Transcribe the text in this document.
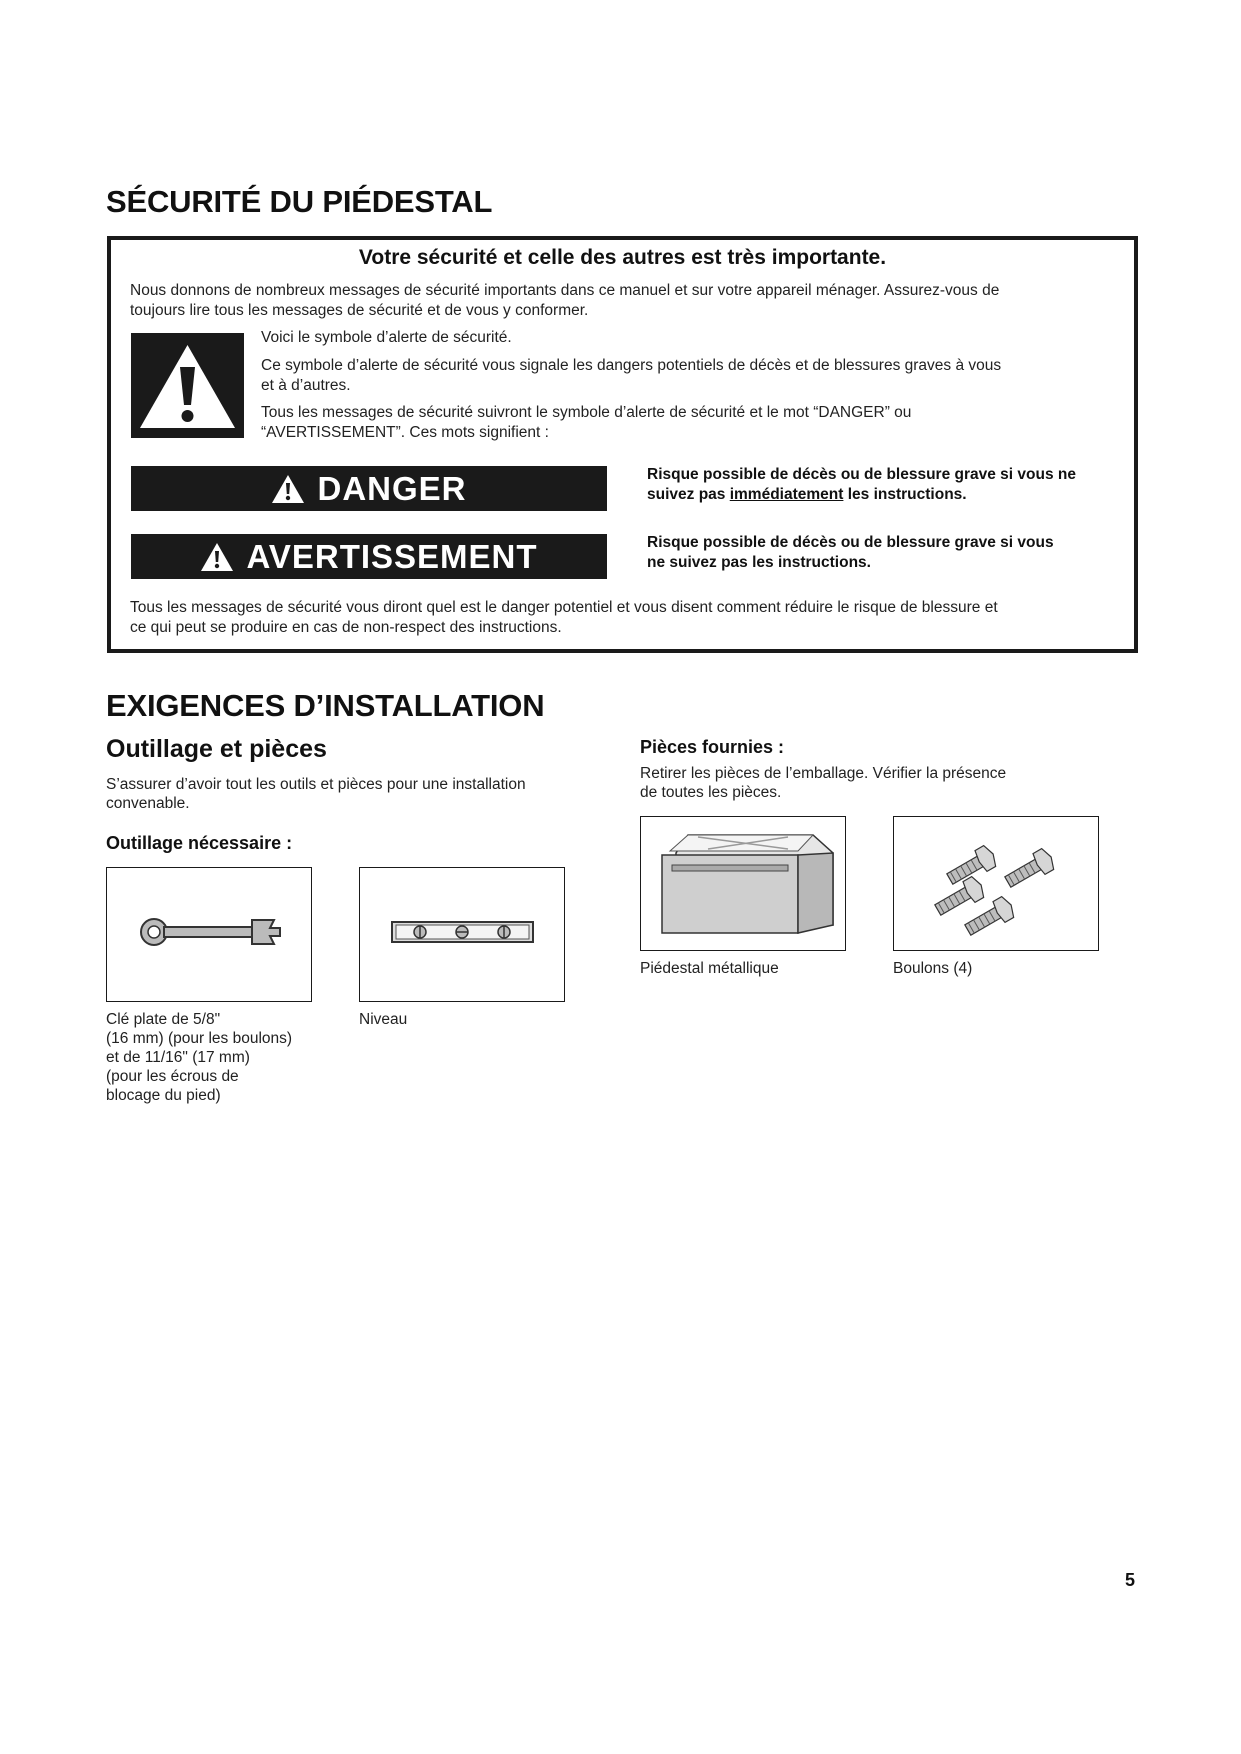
SÉCURITÉ DU PIÉDESTAL
Votre sécurité et celle des autres est très importante.
Nous donnons de nombreux messages de sécurité importants dans ce manuel et sur votre appareil ménager. Assurez-vous de
toujours lire tous les messages de sécurité et de vous y conformer.
Voici le symbole d’alerte de sécurité.
Ce symbole d’alerte de sécurité vous signale les dangers potentiels de décès et de blessures graves à vous
et à d’autres.
Tous les messages de sécurité suivront le symbole d’alerte de sécurité et le mot “DANGER” ou
“AVERTISSEMENT”. Ces mots signifient :
DANGER	Risque possible de décès ou de blessure grave si vous ne
suivez pas immédiatement les instructions.
AVERTISSEMENT	Risque possible de décès ou de blessure grave si vous
ne suivez pas les instructions.
Tous les messages de sécurité vous diront quel est le danger potentiel et vous disent comment réduire le risque de blessure et
ce qui peut se produire en cas de non-respect des instructions.
EXIGENCES D’INSTALLATION
Outillage et pièces
S’assurer d’avoir tout les outils et pièces pour une installation
convenable.
Outillage nécessaire :
Clé plate de 5/8"
(16 mm) (pour les boulons)
et de 11/16" (17 mm)
(pour les écrous de
blocage du pied)
Niveau
Pièces fournies :
Retirer les pièces de l’emballage. Vérifier la présence
de toutes les pièces.
Piédestal métallique	Boulons (4)
5
